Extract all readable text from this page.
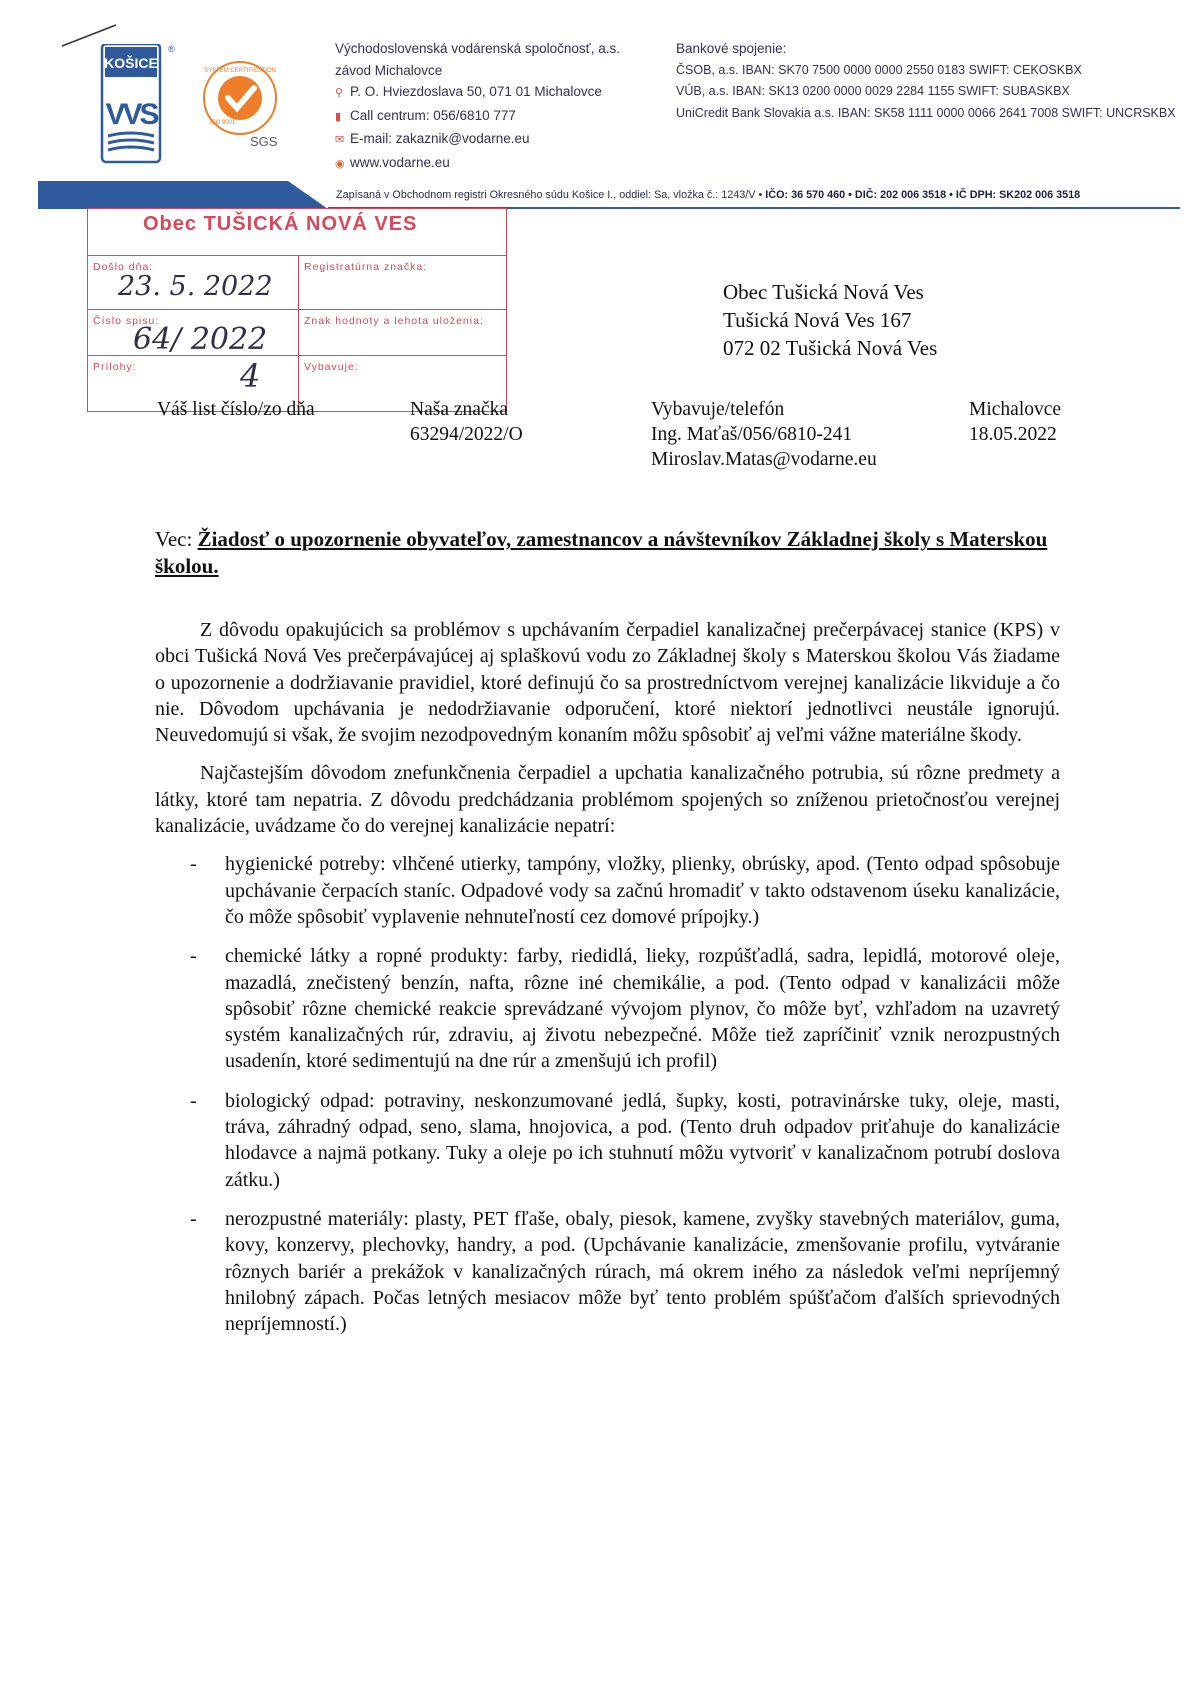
KOŠICE
VVS
®
SYSTEM CERTIFICATION
ISO 9001
SGS
Východoslovenská vodárenská spoločnosť, a.s.
závod Michalovce
⚲ P. O. Hviezdoslava 50, 071 01 Michalovce
▮ Call centrum: 056/6810 777
✉ E-mail: zakaznik@vodarne.eu
◉ www.vodarne.eu
Bankové spojenie:
ČSOB, a.s. IBAN: SK70 7500 0000 0000 2550 0183 SWIFT: CEKOSKBX
VÚB, a.s. IBAN: SK13 0200 0000 0029 2284 1155 SWIFT: SUBASKBX
UniCredit Bank Slovakia a.s. IBAN: SK58 1111 0000 0066 2641 7008 SWIFT: UNCRSKBX
Zapísaná v Obchodnom registri Okresného súdu Košice I., oddiel: Sa, vložka č.: 1243/V • IČO: 36 570 460 • DIČ: 202 006 3518 • IČ DPH: SK202 006 3518
Obec TUŠICKÁ NOVÁ VES
Došlo dňa:
23. 5. 2022
Číslo spisu:
64/ 2022
Prílohy:	4
Registratúrna značka:
Znak hodnoty a lehota uloženia:
Vybavuje:
Obec Tušická Nová Ves
Tušická Nová Ves 167
072 02 Tušická Nová Ves
Váš list číslo/zo dňa	Naša značka
63294/2022/O
Vybavuje/telefón
Ing. Maťaš/056/6810-241
Miroslav.Matas@vodarne.eu
Michalovce
18.05.2022
Vec: Žiadosť o upozornenie obyvateľov, zamestnancov a návštevníkov Základnej školy s Materskou školou.

Z dôvodu opakujúcich sa problémov s upchávaním čerpadiel kanalizačnej prečerpávacej stanice (KPS) v obci Tušická Nová Ves prečerpávajúcej aj splaškovú vodu zo Základnej školy s Materskou školou Vás žiadame o upozornenie a dodržiavanie pravidiel, ktoré definujú čo sa prostredníctvom verejnej kanalizácie likviduje a čo nie. Dôvodom upchávania je nedodržiavanie odporučení, ktoré niektorí jednotlivci neustále ignorujú. Neuvedomujú si však, že svojim nezodpovedným konaním môžu spôsobiť aj veľmi vážne materiálne škody.

Najčastejším dôvodom znefunkčnenia čerpadiel a upchatia kanalizačného potrubia, sú rôzne predmety a látky, ktoré tam nepatria. Z dôvodu predchádzania problémom spojených so zníženou prietočnosťou verejnej kanalizácie, uvádzame čo do verejnej kanalizácie nepatrí:

- hygienické potreby: vlhčené utierky, tampóny, vložky, plienky, obrúsky, apod. (Tento odpad spôsobuje upchávanie čerpacích staníc. Odpadové vody sa začnú hromadiť v takto odstavenom úseku kanalizácie, čo môže spôsobiť vyplavenie nehnuteľností cez domové prípojky.)
- chemické látky a ropné produkty: farby, riedidlá, lieky, rozpúšťadlá, sadra, lepidlá, motorové oleje, mazadlá, znečistený benzín, nafta, rôzne iné chemikálie, a pod. (Tento odpad v kanalizácii môže spôsobiť rôzne chemické reakcie sprevádzané vývojom plynov, čo môže byť, vzhľadom na uzavretý systém kanalizačných rúr, zdraviu, aj životu nebezpečné. Môže tiež zapríčiniť vznik nerozpustných usadenín, ktoré sedimentujú na dne rúr a zmenšujú ich profil)
- biologický odpad: potraviny, neskonzumované jedlá, šupky, kosti, potravinárske tuky, oleje, masti, tráva, záhradný odpad, seno, slama, hnojovica, a pod. (Tento druh odpadov priťahuje do kanalizácie hlodavce a najmä potkany. Tuky a oleje po ich stuhnutí môžu vytvoriť v kanalizačnom potrubí doslova zátku.)
- nerozpustné materiály: plasty, PET fľaše, obaly, piesok, kamene, zvyšky stavebných materiálov, guma, kovy, konzervy, plechovky, handry, a pod. (Upchávanie kanalizácie, zmenšovanie profilu, vytváranie rôznych bariér a prekážok v kanalizačných rúrach, má okrem iného za následok veľmi nepríjemný hnilobný zápach. Počas letných mesiacov môže byť tento problém spúšťačom ďalších sprievodných nepríjemností.)
